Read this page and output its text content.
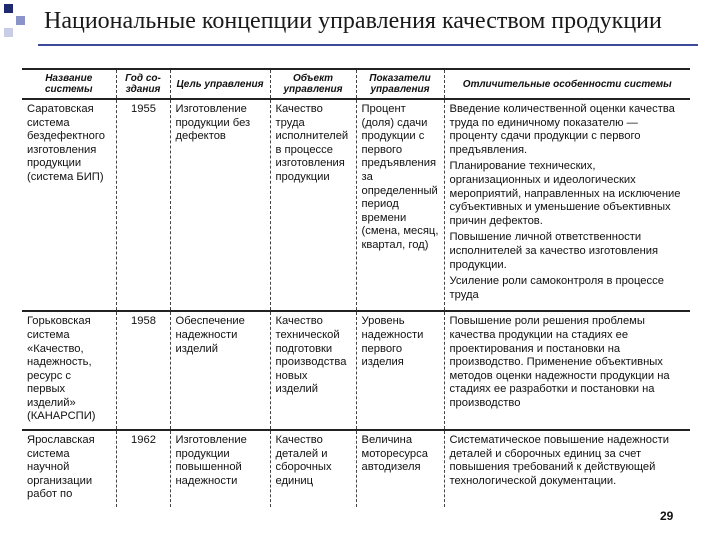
Национальные концепции управления качеством продукции
Название системы	Год со- здания	Цель управления	Объект управления	Показатели управления	Отличительные особенности системы
Саратовская система бездефектного изготовления продукции (система БИП)	1955	Изготовление продукции без дефектов	Качество труда исполнителей в процессе изготовления продукции	Процент (доля) сдачи продукции с первого предъявления за определенный период времени (смена, месяц, квартал, год)	Введение количественной оценки качества труда по единичному показателю — проценту сдачи продукции с первого предъявления.
Планирование технических, организационных и идеологических мероприятий, направленных на исключение субъективных и уменьшение объективных причин дефектов.
Повышение личной ответственности исполнителей за качество изготовления продукции.
Усиление роли самоконтроля в процессе труда

Горьковская система «Качество, надежность, ресурс с первых изделий» (КАНАРСПИ)	1958	Обеспечение надежности изделий	Качество технической подготовки производства новых изделий	Уровень надежности первого изделия	Повышение роли решения проблемы качества продукции на стадиях ее проектирования и постановки на производство. Применение объективных методов оценки надежности продукции на стадиях ее разработки и постановки на производство

Ярославская система научной организации работ по	1962	Изготовление продукции повышенной надежности	Качество деталей и сборочных единиц	Величина моторесурса автодизеля	Систематическое повышение надежности деталей и сборочных единиц за счет повышения требований к действующей технологической документации.
29
